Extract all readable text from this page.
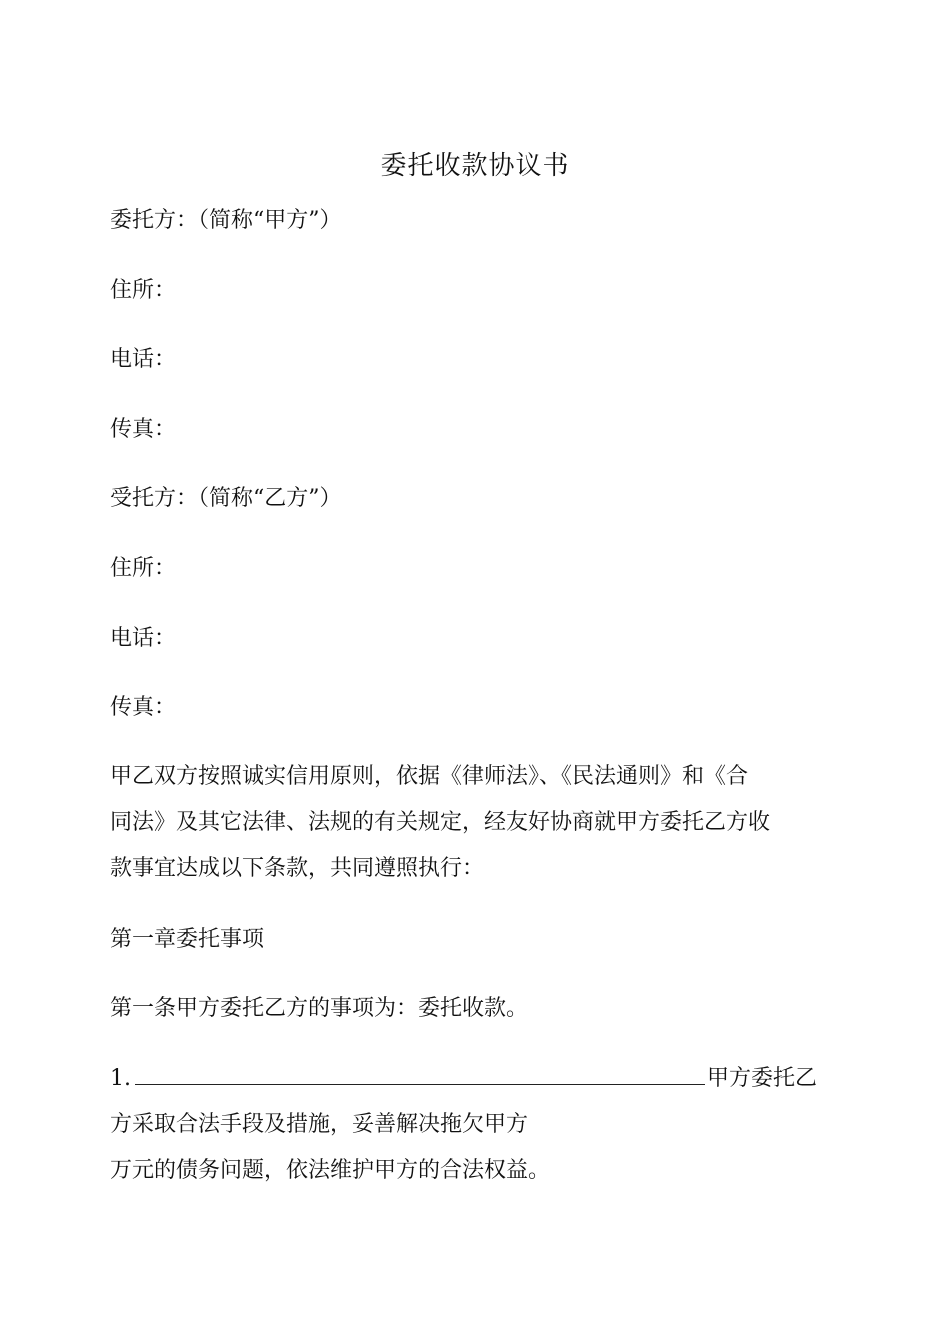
委托收款协议书
委托方：（简称“甲方”）
住所：
电话：
传真：
受托方：（简称“乙方”）
住所：
电话：
传真：
甲乙双方按照诚实信用原则，依据《律师法》、《民法通则》和《合
同法》及其它法律、法规的有关规定，经友好协商就甲方委托乙方收
款事宜达成以下条款，共同遵照执行：
第一章委托事项
第一条甲方委托乙方的事项为：委托收款。
1.	甲方委托乙
方采取合法手段及措施，妥善解决拖欠甲方
万元的债务问题，依法维护甲方的合法权益。
